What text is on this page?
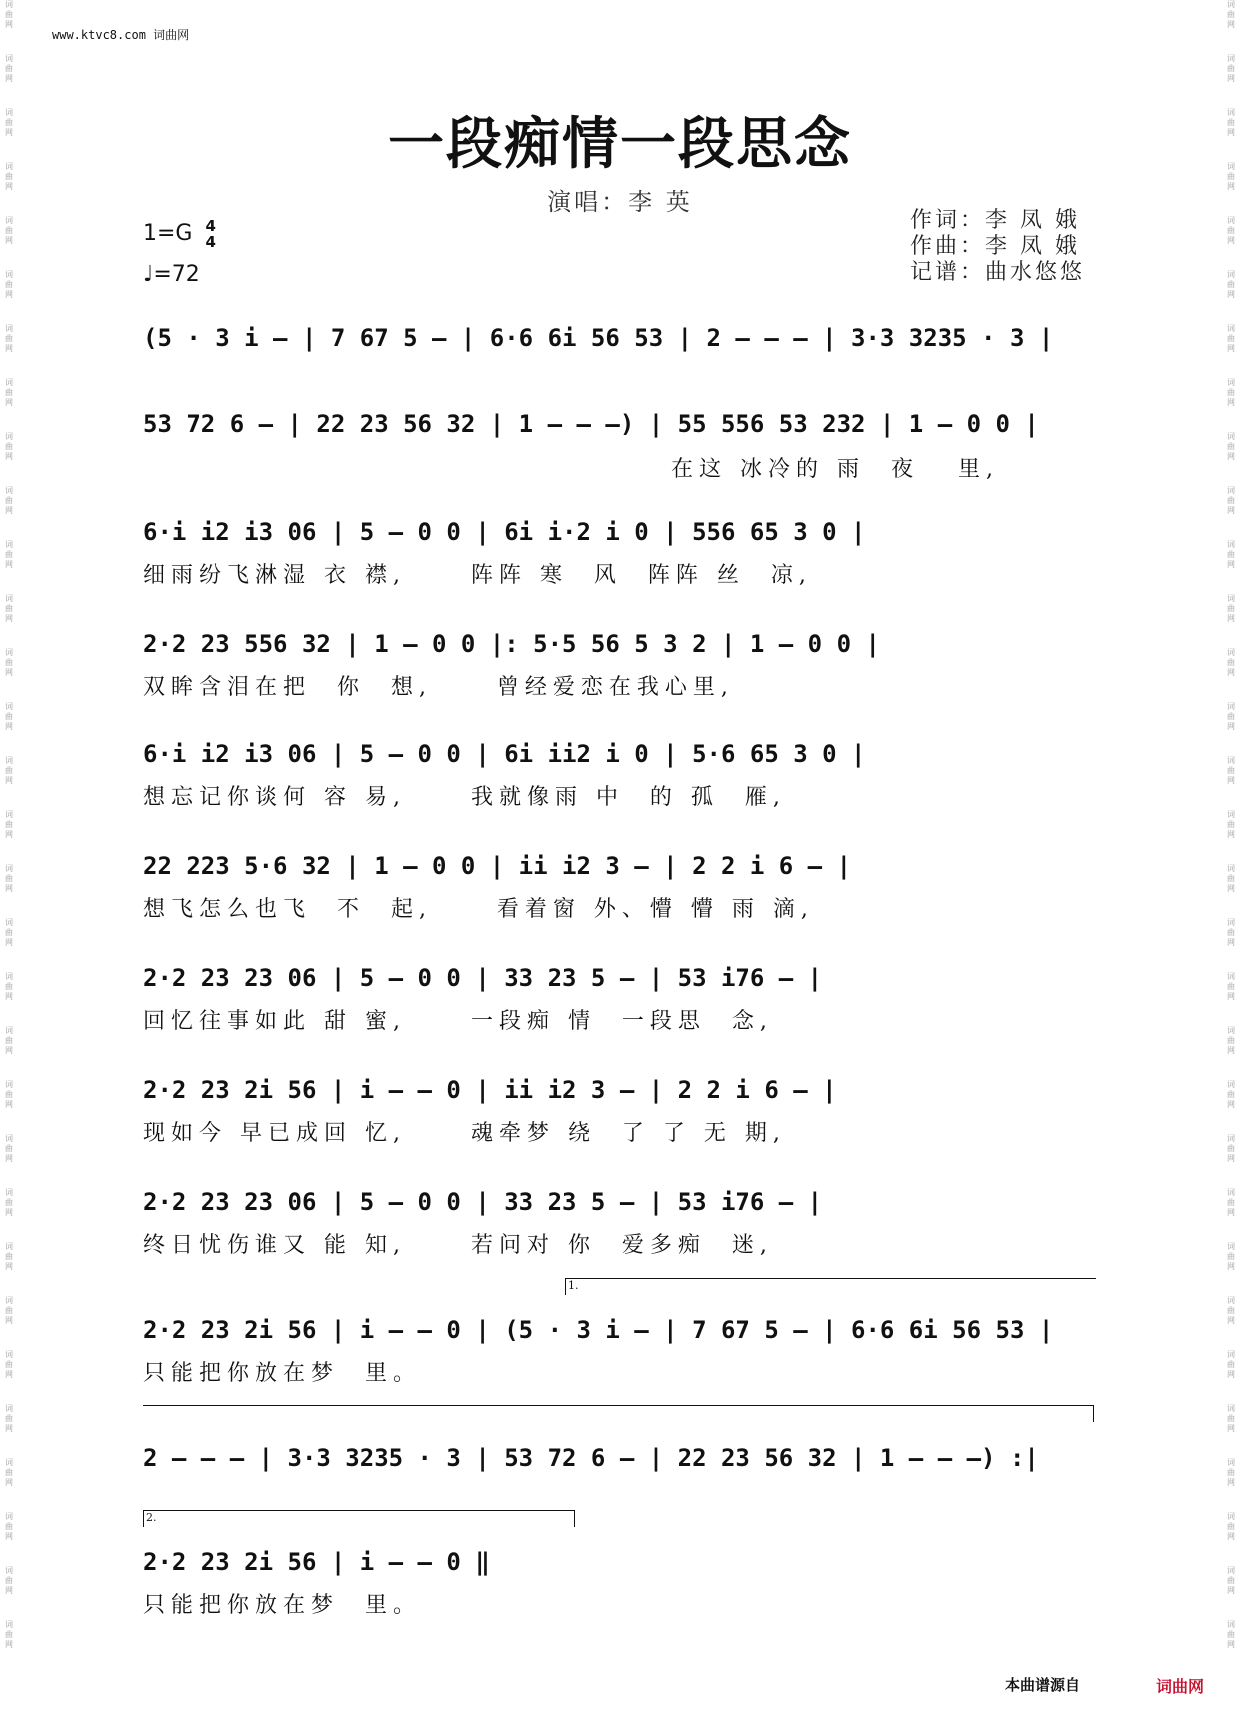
词
曲
网
词
曲
网
词
曲
网
词
曲
网
词
曲
网
词
曲
网
词
曲
网
词
曲
网
词
曲
网
词
曲
网
词
曲
网
词
曲
网
词
曲
网
词
曲
网
词
曲
网
词
曲
网
词
曲
网
词
曲
网
词
曲
网
词
曲
网
词
曲
网
词
曲
网
词
曲
网
词
曲
网
词
曲
网
词
曲
网
词
曲
网
词
曲
网
词
曲
网
词
曲
网
词
曲
网
词
曲
网
词
曲
网
词
曲
网
词
曲
网
词
曲
网
词
曲
网
词
曲
网
词
曲
网
词
曲
网
词
曲
网
词
曲
网
词
曲
网
词
曲
网
词
曲
网
词
曲
网
词
曲
网
词
曲
网
词
曲
网
词
曲
网
词
曲
网
词
曲
网
词
曲
网
词
曲
网
词
曲
网
词
曲
网
词
曲
网
词
曲
网
词
曲
网
词
曲
网
词
曲
网
词
曲
网
www.ktvc8.com 词曲网
一段痴情一段思念
演唱：李 英
1=G 4
4
♩=72
作词：李 凤 娥
作曲：李 凤 娥
记谱：曲水悠悠
(5 · 3 i – | 7 67 5 – | 6·6 6i 56 53 | 2 – – – | 3·3 3235 · 3 |
53 72 6 – | 22 23 56 32 | 1 – – –) | 55 556 53 232 | 1 – 0 0 |
在这 冰冷的 雨  夜   里,
6·i i2 i3 06 | 5 – 0 0 | 6i i·2 i 0 | 556 65 3 0 |
细雨纷飞淋湿 衣 襟,     阵阵 寒  风  阵阵 丝  凉,
2·2 23 556 32 | 1 – 0 0 |: 5·5 56 5 3 2 | 1 – 0 0 |
双眸含泪在把  你  想,     曾经爱恋在我心里,
6·i i2 i3 06 | 5 – 0 0 | 6i ii2 i 0 | 5·6 65 3 0 |
想忘记你谈何 容 易,     我就像雨 中  的 孤  雁,
22 223 5·6 32 | 1 – 0 0 | ii i2 3 – | 2 2 i 6 – |
想飞怎么也飞  不  起,     看着窗 外、懵 懵 雨 滴,
2·2 23 23 06 | 5 – 0 0 | 33 23 5 – | 53 i76 – |
回忆往事如此 甜 蜜,     一段痴 情  一段思  念,
2·2 23 2i 56 | i – – 0 | ii i2 3 – | 2 2 i 6 – |
现如今 早已成回 忆,     魂牵梦 绕  了 了 无 期,
2·2 23 23 06 | 5 – 0 0 | 33 23 5 – | 53 i76 – |
终日忧伤谁又 能 知,     若问对 你  爱多痴  迷,
1.
2·2 23 2i 56 | i – – 0 | (5 · 3 i – | 7 67 5 – | 6·6 6i 56 53 |
只能把你放在梦  里。
2 – – – | 3·3 3235 · 3 | 53 72 6 – | 22 23 56 32 | 1 – – –) :|
2.
2·2 23 2i 56 | i – – 0 ‖
只能把你放在梦  里。
本曲谱源自	词曲网
